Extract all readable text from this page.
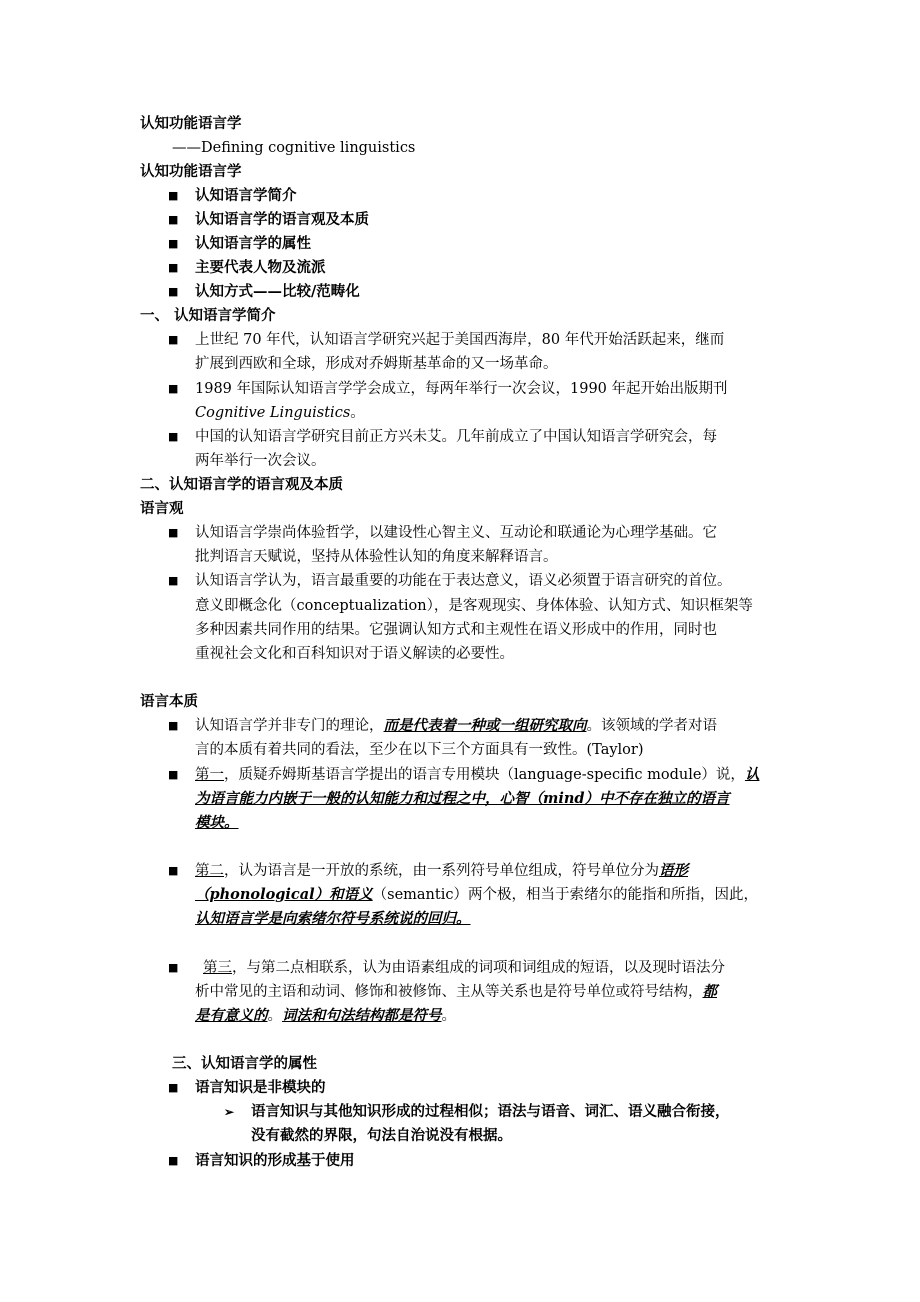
认知功能语言学
——Defining cognitive linguistics
认知功能语言学
■ 认知语言学简介
■ 认知语言学的语言观及本质
■ 认知语言学的属性
■ 主要代表人物及流派
■ 认知方式——比较/范畴化
一、 认知语言学简介
■ 上世纪 70 年代，认知语言学研究兴起于美国西海岸，80 年代开始活跃起来，继而
扩展到西欧和全球，形成对乔姆斯基革命的又一场革命。
■ 1989 年国际认知语言学学会成立，每两年举行一次会议，1990 年起开始出版期刊
Cognitive Linguistics。
■ 中国的认知语言学研究目前正方兴未艾。几年前成立了中国认知语言学研究会，每
两年举行一次会议。
二、认知语言学的语言观及本质
语言观
■ 认知语言学崇尚体验哲学，以建设性心智主义、互动论和联通论为心理学基础。它
批判语言天赋说，坚持从体验性认知的角度来解释语言。
■ 认知语言学认为，语言最重要的功能在于表达意义，语义必须置于语言研究的首位。
意义即概念化（conceptualization），是客观现实、身体体验、认知方式、知识框架等
多种因素共同作用的结果。它强调认知方式和主观性在语义形成中的作用，同时也
重视社会文化和百科知识对于语义解读的必要性。
语言本质
■ 认知语言学并非专门的理论，而是代表着一种或一组研究取向。该领域的学者对语
言的本质有着共同的看法，至少在以下三个方面具有一致性。(Taylor)
■ 第一，质疑乔姆斯基语言学提出的语言专用模块（language-specific module）说，认
为语言能力内嵌于一般的认知能力和过程之中，心智（mind）中不存在独立的语言
模块。
■ 第二，认为语言是一开放的系统，由一系列符号单位组成，符号单位分为语形
（phonological）和语义（semantic）两个极，相当于索绪尔的能指和所指，因此，
认知语言学是向索绪尔符号系统说的回归。
■ 第三，与第二点相联系，认为由语素组成的词项和词组成的短语，以及现时语法分
析中常见的主语和动词、修饰和被修饰、主从等关系也是符号单位或符号结构，都
是有意义的。词法和句法结构都是符号。
三、认知语言学的属性
■ 语言知识是非模块的
➢ 语言知识与其他知识形成的过程相似；语法与语音、词汇、语义融合衔接，
没有截然的界限，句法自治说没有根据。
■ 语言知识的形成基于使用
